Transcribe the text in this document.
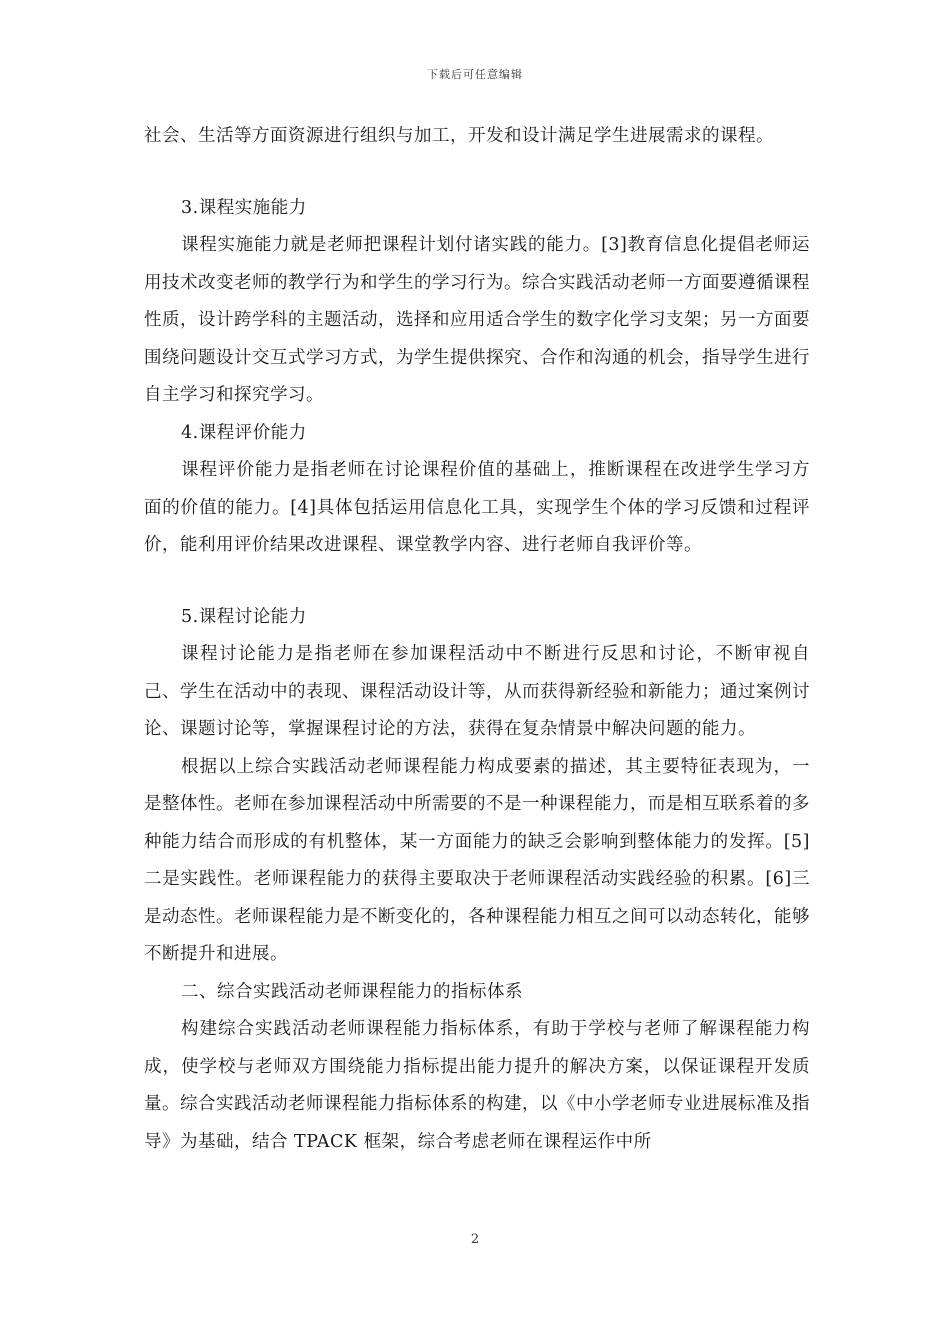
下载后可任意编辑

社会、生活等方面资源进行组织与加工，开发和设计满足学生进展需求的课程。

3.课程实施能力

课程实施能力就是老师把课程计划付诸实践的能力。[3]教育信息化提倡老师运用技术改变老师的教学行为和学生的学习行为。综合实践活动老师一方面要遵循课程性质，设计跨学科的主题活动，选择和应用适合学生的数字化学习支架；另一方面要围绕问题设计交互式学习方式，为学生提供探究、合作和沟通的机会，指导学生进行自主学习和探究学习。

4.课程评价能力

课程评价能力是指老师在讨论课程价值的基础上，推断课程在改进学生学习方面的价值的能力。[4]具体包括运用信息化工具，实现学生个体的学习反馈和过程评价，能利用评价结果改进课程、课堂教学内容、进行老师自我评价等。

5.课程讨论能力

课程讨论能力是指老师在参加课程活动中不断进行反思和讨论，不断审视自己、学生在活动中的表现、课程活动设计等，从而获得新经验和新能力；通过案例讨论、课题讨论等，掌握课程讨论的方法，获得在复杂情景中解决问题的能力。

根据以上综合实践活动老师课程能力构成要素的描述，其主要特征表现为，一是整体性。老师在参加课程活动中所需要的不是一种课程能力，而是相互联系着的多种能力结合而形成的有机整体，某一方面能力的缺乏会影响到整体能力的发挥。[5]二是实践性。老师课程能力的获得主要取决于老师课程活动实践经验的积累。[6]三是动态性。老师课程能力是不断变化的，各种课程能力相互之间可以动态转化，能够不断提升和进展。

二、综合实践活动老师课程能力的指标体系

构建综合实践活动老师课程能力指标体系，有助于学校与老师了解课程能力构成，使学校与老师双方围绕能力指标提出能力提升的解决方案，以保证课程开发质量。综合实践活动老师课程能力指标体系的构建，以《中小学老师专业进展标准及指导》为基础，结合 TPACK 框架，综合考虑老师在课程运作中所

2
